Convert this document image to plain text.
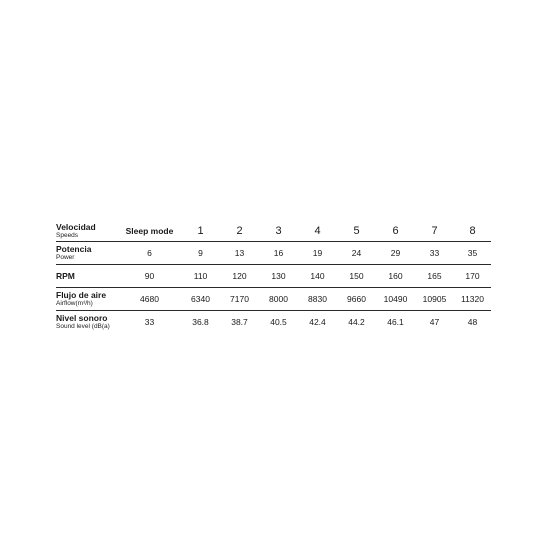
Velocidad
Speeds	Sleep mode	1	2	3	4	5	6	7	8

Potencia
Power	6	9	13	16	19	24	29	33	35

RPM	90	110	120	130	140	150	160	165	170

Flujo de aire
Airflow(m³/h)	4680	6340	7170	8000	8830	9660	10490	10905	11320

Nivel sonoro
Sound level (dB(a)	33	36.8	38.7	40.5	42.4	44.2	46.1	47	48
